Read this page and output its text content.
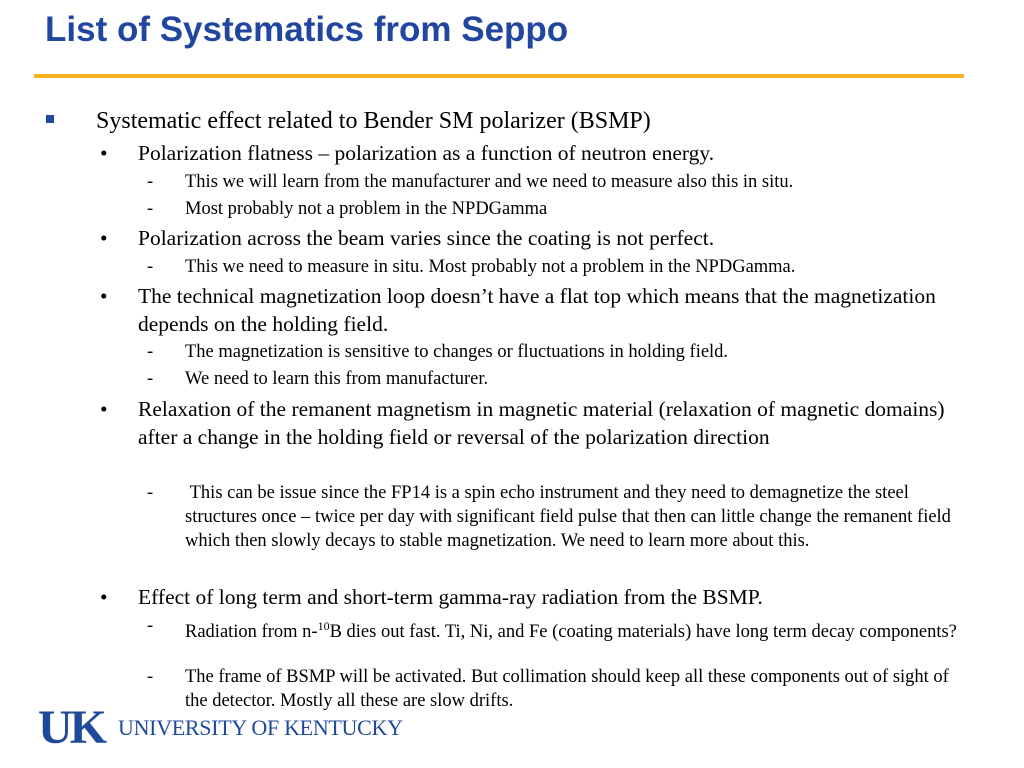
List of Systematics from Seppo
Systematic effect related to Bender SM polarizer (BSMP)
• Polarization flatness – polarization as a function of neutron energy.
- This we will learn from the manufacturer and we need to measure also this in situ.
- Most probably not a problem in the NPDGamma
• Polarization across the beam varies since the coating is not perfect.
- This we need to measure in situ. Most probably not a problem in the NPDGamma.
• The technical magnetization loop doesn’t have a flat top which means that the magnetization depends on the holding field.
- The magnetization is sensitive to changes or fluctuations in holding field.
- We need to learn this from manufacturer.
• Relaxation of the remanent magnetism in magnetic material (relaxation of magnetic domains) after a change in the holding field or reversal of the polarization direction
- This can be issue since the FP14 is a spin echo instrument and they need to demagnetize the steel structures once – twice per day with significant field pulse that then can little change the remanent field which then slowly decays to stable magnetization. We need to learn more about this.
• Effect of long term and short-term gamma-ray radiation from the BSMP.
- Radiation from n-$^{10}$B dies out fast. Ti, Ni, and Fe (coating materials) have long term decay components?
- The frame of BSMP will be activated. But collimation should keep all these components out of sight of the detector. Mostly all these are slow drifts.
UK UNIVERSITY OF KENTUCKY
